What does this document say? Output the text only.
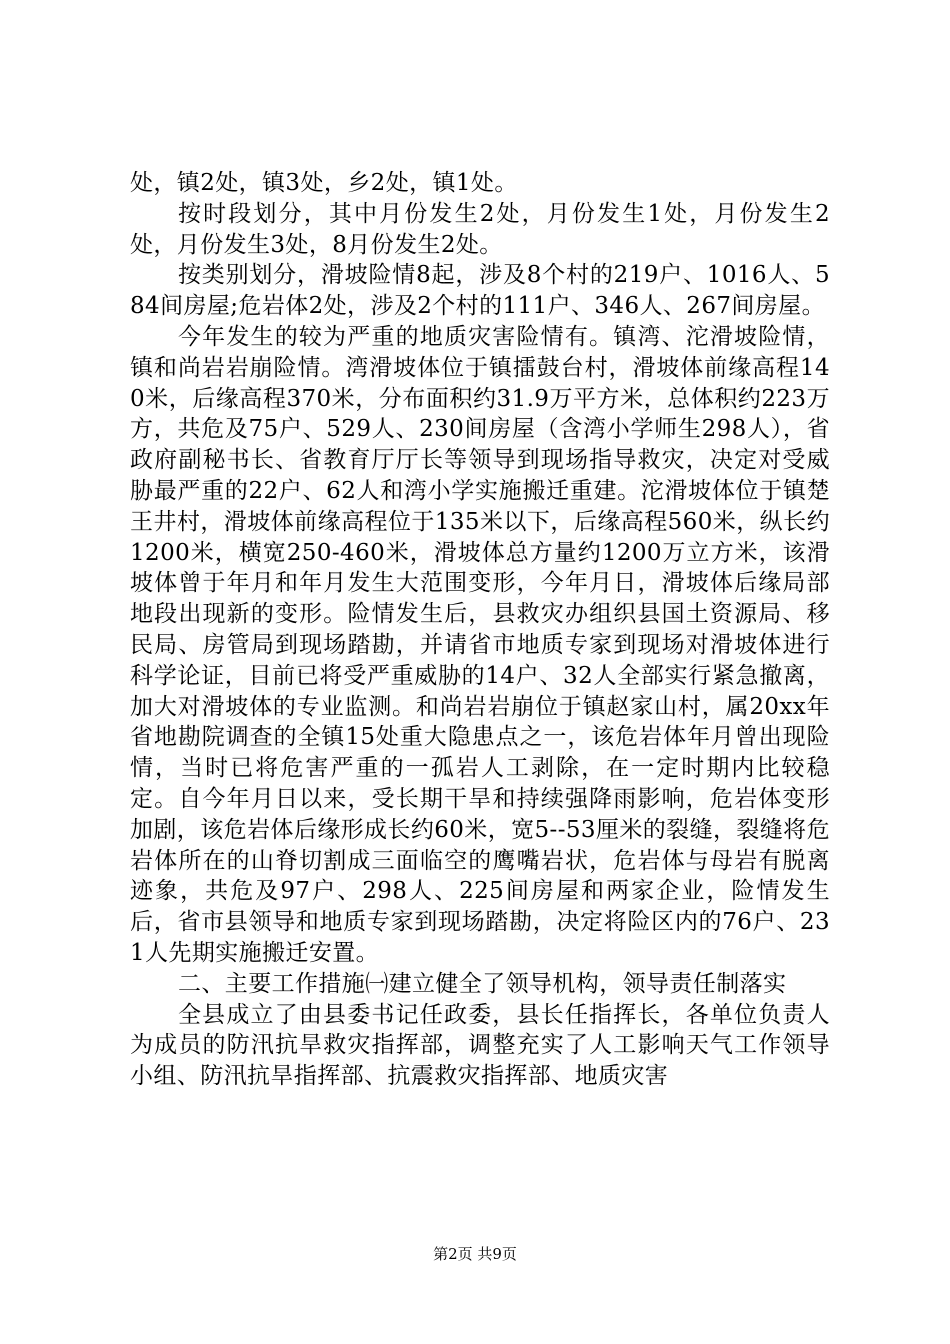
处，镇2处，镇3处，乡2处，镇1处。

按时段划分，其中月份发生2处，月份发生1处，月份发生2处，月份发生3处，8月份发生2处。

按类别划分，滑坡险情8起，涉及8个村的219户、1016人、584间房屋;危岩体2处，涉及2个村的111户、346人、267间房屋。

今年发生的较为严重的地质灾害险情有。镇湾、沱滑坡险情，镇和尚岩岩崩险情。湾滑坡体位于镇擂鼓台村，滑坡体前缘高程140米，后缘高程370米，分布面积约31.9万平方米，总体积约223万方，共危及75户、529人、230间房屋（含湾小学师生298人），省政府副秘书长、省教育厅厅长等领导到现场指导救灾，决定对受威胁最严重的22户、62人和湾小学实施搬迁重建。沱滑坡体位于镇楚王井村，滑坡体前缘高程位于135米以下，后缘高程560米，纵长约1200米，横宽250-460米，滑坡体总方量约1200万立方米，该滑坡体曾于年月和年月发生大范围变形，今年月日，滑坡体后缘局部地段出现新的变形。险情发生后，县救灾办组织县国土资源局、移民局、房管局到现场踏勘，并请省市地质专家到现场对滑坡体进行科学论证，目前已将受严重威胁的14户、32人全部实行紧急撤离，加大对滑坡体的专业监测。和尚岩岩崩位于镇赵家山村，属20xx年省地勘院调查的全镇15处重大隐患点之一，该危岩体年月曾出现险情，当时已将危害严重的一孤岩人工剥除，在一定时期内比较稳定。自今年月日以来，受长期干旱和持续强降雨影响，危岩体变形加剧，该危岩体后缘形成长约60米，宽5--53厘米的裂缝，裂缝将危岩体所在的山脊切割成三面临空的鹰嘴岩状，危岩体与母岩有脱离迹象，共危及97户、298人、225间房屋和两家企业，险情发生后，省市县领导和地质专家到现场踏勘，决定将险区内的76户、231人先期实施搬迁安置。

二、主要工作措施㈠建立健全了领导机构，领导责任制落实

全县成立了由县委书记任政委，县长任指挥长，各单位负责人为成员的防汛抗旱救灾指挥部，调整充实了人工影响天气工作领导小组、防汛抗旱指挥部、抗震救灾指挥部、地质灾害

第2页 共9页
